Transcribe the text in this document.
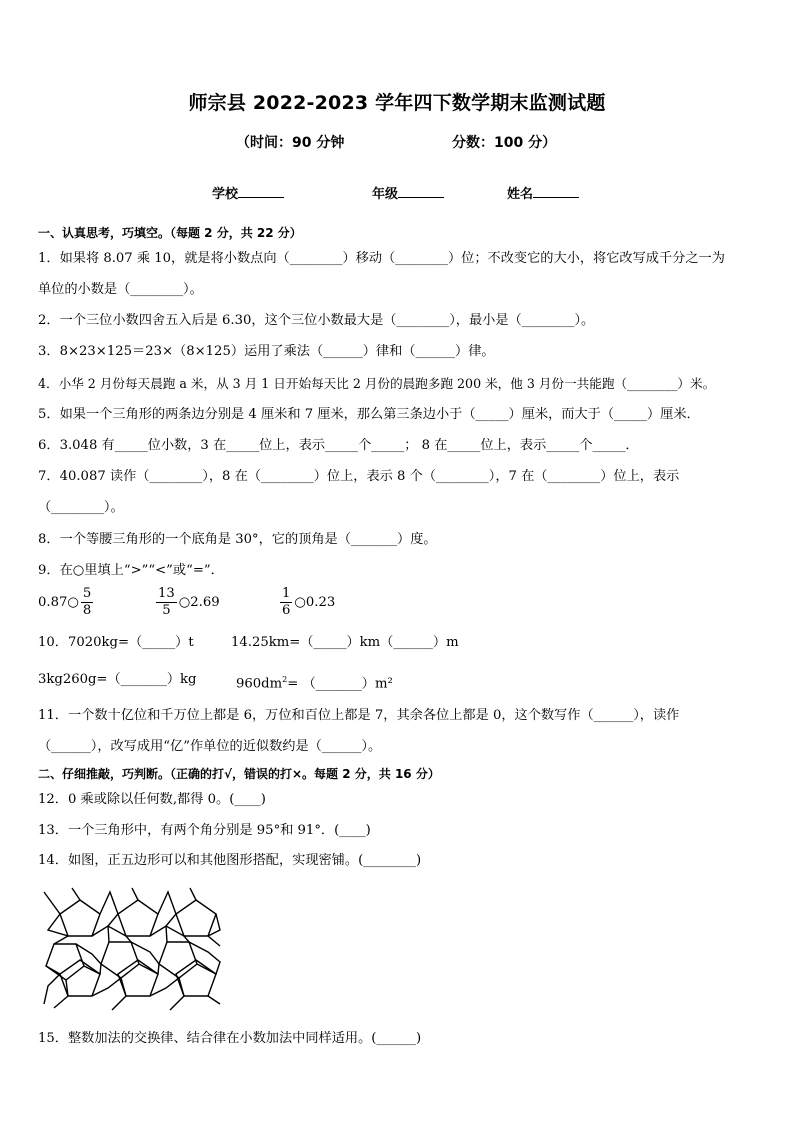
师宗县 2022-2023 学年四下数学期末监测试题
（时间：90 分钟	分数：100 分）
学校	年级	姓名
一、认真思考，巧填空。（每题 2 分，共 22 分）
1．如果将 8.07 乘 10，就是将小数点向（________）移动（________）位；不改变它的大小，将它改写成千分之一为
单位的小数是（________）。
2．一个三位小数四舍五入后是 6.30，这个三位小数最大是（________），最小是（________）。
3．8×23×125＝23×（8×125）运用了乘法（______）律和（______）律。
4．小华 2 月份每天晨跑 a 米，从 3 月 1 日开始每天比 2 月份的晨跑多跑 200 米，他 3 月份一共能跑（________）米。
5．如果一个三角形的两条边分别是 4 厘米和 7 厘米，那么第三条边小于（_____）厘米，而大于（_____）厘米．
6．3.048 有_____位小数，3 在_____位上，表示_____个_____； 8 在_____位上，表示_____个_____．
7．40.087 读作（________），8 在（________）位上，表示 8 个（________），7 在（________）位上，表示
（________）。
8．一个等腰三角形的一个底角是 30°，它的顶角是（_______）度。
9．在○里填上“>”“<”或“=”．
0.87○ $\frac{5}{8}$	$\frac{13}{5}$ ○2.69	$\frac{1}{6}$ ○0.23
10．7020kg=（_____）t	14.25km=（_____）km（______）m
3kg260g=（_______）kg	$960dm^2=$ （_______）m²
11．一个数十亿位和千万位上都是 6，万位和百位上都是 7，其余各位上都是 0，这个数写作（______），读作
（______），改写成用“亿”作单位的近似数约是（______）。
二、仔细推敲，巧判断。（正确的打√，错误的打×。每题 2 分，共 16 分）
12．0 乘或除以任何数,都得 0。(____)
13．一个三角形中，有两个角分别是 95°和 91°．(____)
14．如图，正五边形可以和其他图形搭配，实现密铺。(________)
15．整数加法的交换律、结合律在小数加法中同样适用。(______)
